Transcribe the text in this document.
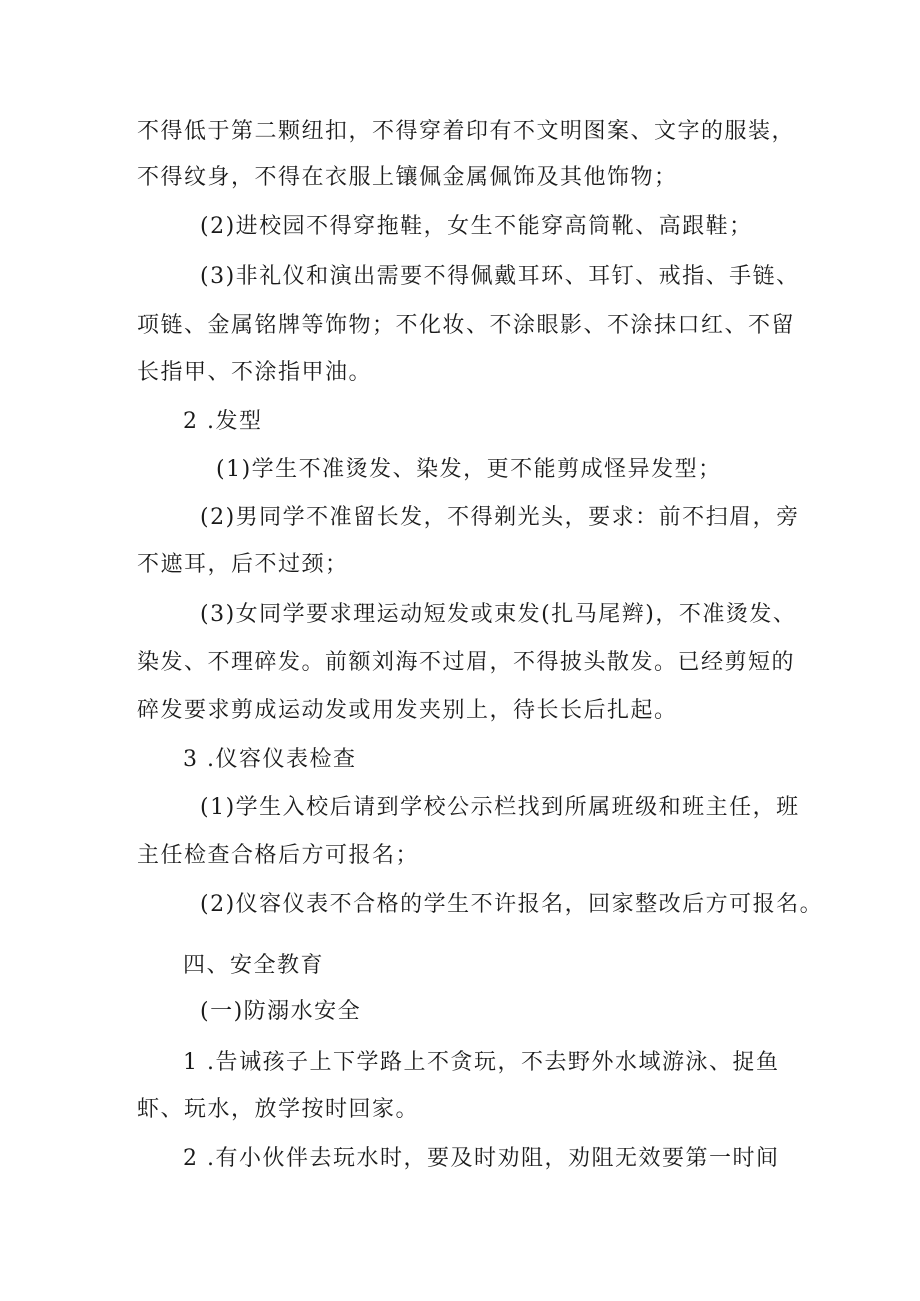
不得低于第二颗纽扣，不得穿着印有不文明图案、文字的服装，
不得纹身，不得在衣服上镶佩金属佩饰及其他饰物；
(2)进校园不得穿拖鞋，女生不能穿高筒靴、高跟鞋；
(3)非礼仪和演出需要不得佩戴耳环、耳钉、戒指、手链、
项链、金属铭牌等饰物；不化妆、不涂眼影、不涂抹口红、不留
长指甲、不涂指甲油。
2 .发型
(1)学生不准烫发、染发，更不能剪成怪异发型；
(2)男同学不准留长发，不得剃光头，要求：前不扫眉，旁
不遮耳，后不过颈；
(3)女同学要求理运动短发或束发(扎马尾辫)，不准烫发、
染发、不理碎发。前额刘海不过眉，不得披头散发。已经剪短的
碎发要求剪成运动发或用发夹别上，待长长后扎起。
3 .仪容仪表检查
(1)学生入校后请到学校公示栏找到所属班级和班主任，班
主任检查合格后方可报名；
(2)仪容仪表不合格的学生不许报名，回家整改后方可报名。
四、安全教育
(一)防溺水安全
1 .告诫孩子上下学路上不贪玩，不去野外水域游泳、捉鱼
虾、玩水，放学按时回家。
2 .有小伙伴去玩水时，要及时劝阻，劝阻无效要第一时间
